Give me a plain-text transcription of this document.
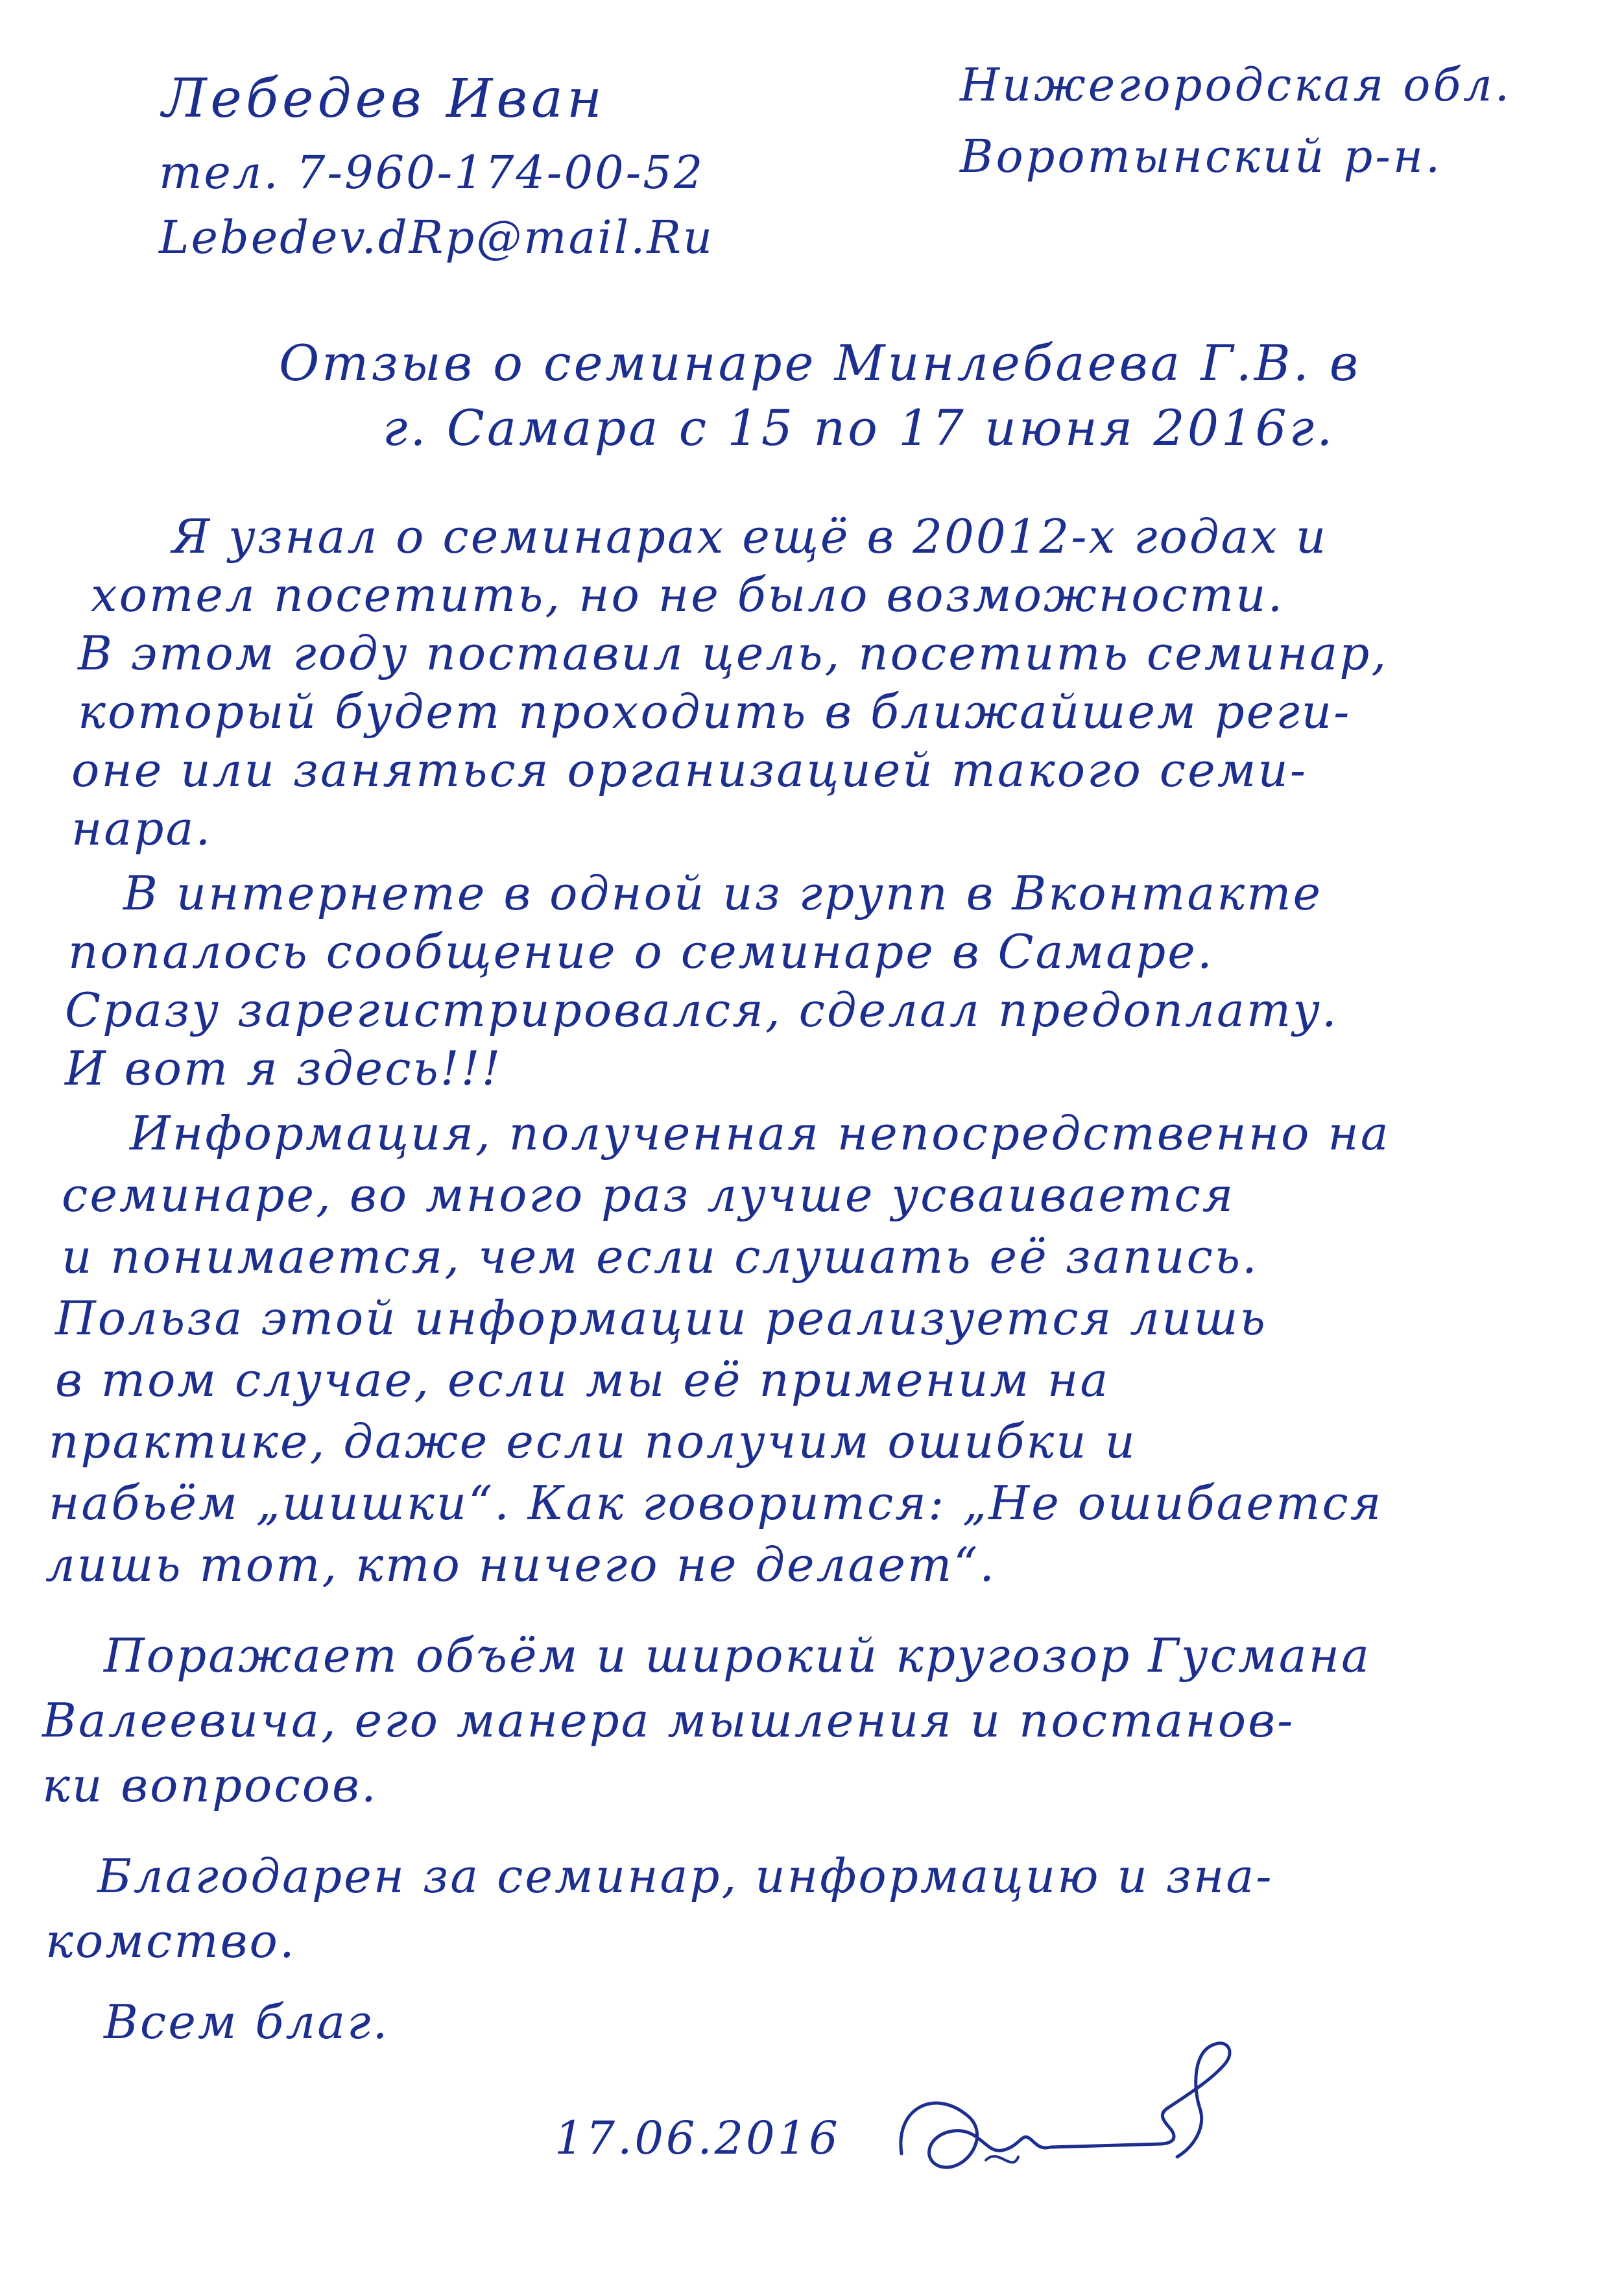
Лебедев Иван
тел. 7-960-174-00-52
Lebedev.dRp@mail.Ru
Нижегородская обл.
Воротынский р-н.
Отзыв о семинаре Минлебаева Г.В. в
г. Самара с 15 по 17 июня 2016г.
Я узнал о семинарах ещё в 20012-х годах и
хотел посетить, но не было возможности.
В этом году поставил цель, посетить семинар,
который будет проходить в ближайшем реги-
оне или заняться организацией такого семи-
нара.
В интернете в одной из групп в Вконтакте
попалось сообщение о семинаре в Самаре.
Сразу зарегистрировался, сделал предоплату.
И вот я здесь!!!
Информация, полученная непосредственно на
семинаре, во много раз лучше усваивается
и понимается, чем если слушать её запись.
Польза этой информации реализуется лишь
в том случае, если мы её применим на
практике, даже если получим ошибки и
набьём „шишки“. Как говорится: „Не ошибается
лишь тот, кто ничего не делает“.
Поражает объём и широкий кругозор Гусмана
Валеевича, его манера мышления и постанов-
ки вопросов.
Благодарен за семинар, информацию и зна-
комство.
Всем благ.
17.06.2016
